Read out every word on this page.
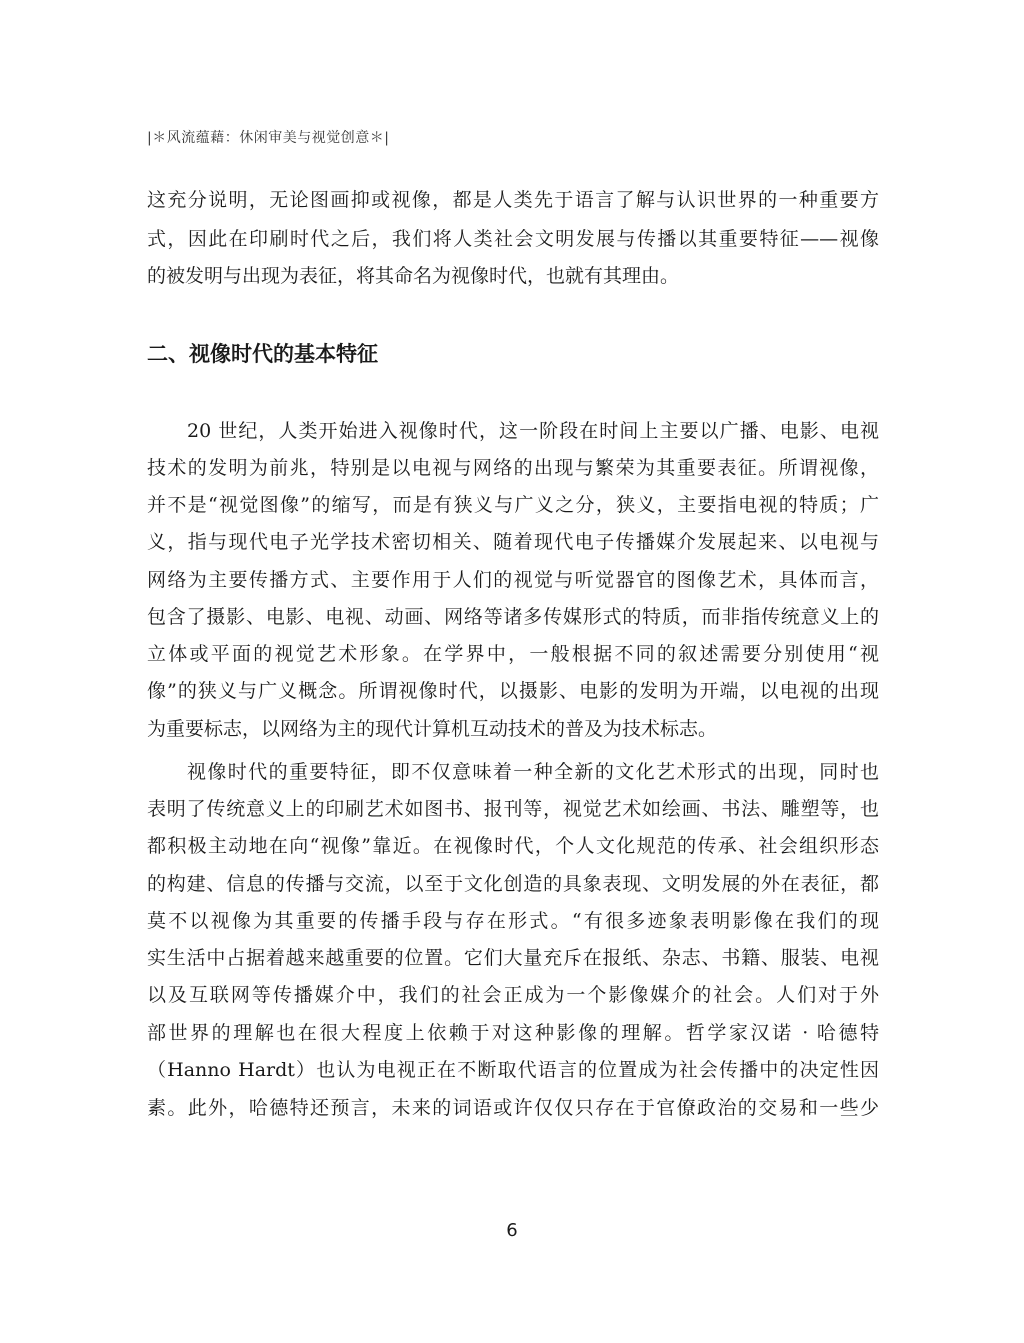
|＊风流蕴藉：休闲审美与视觉创意＊|
这充分说明，无论图画抑或视像，都是人类先于语言了解与认识世界的一种重要方
式，因此在印刷时代之后，我们将人类社会文明发展与传播以其重要特征——视像
的被发明与出现为表征，将其命名为视像时代，也就有其理由。
二、视像时代的基本特征
20 世纪，人类开始进入视像时代，这一阶段在时间上主要以广播、电影、电视
技术的发明为前兆，特别是以电视与网络的出现与繁荣为其重要表征。所谓视像，
并不是“视觉图像”的缩写，而是有狭义与广义之分，狭义，主要指电视的特质；广
义，指与现代电子光学技术密切相关、随着现代电子传播媒介发展起来、以电视与
网络为主要传播方式、主要作用于人们的视觉与听觉器官的图像艺术，具体而言，
包含了摄影、电影、电视、动画、网络等诸多传媒形式的特质，而非指传统意义上的
立体或平面的视觉艺术形象。在学界中，一般根据不同的叙述需要分别使用“视
像”的狭义与广义概念。所谓视像时代，以摄影、电影的发明为开端，以电视的出现
为重要标志，以网络为主的现代计算机互动技术的普及为技术标志。
视像时代的重要特征，即不仅意味着一种全新的文化艺术形式的出现，同时也
表明了传统意义上的印刷艺术如图书、报刊等，视觉艺术如绘画、书法、雕塑等，也
都积极主动地在向“视像”靠近。在视像时代，个人文化规范的传承、社会组织形态
的构建、信息的传播与交流，以至于文化创造的具象表现、文明发展的外在表征，都
莫不以视像为其重要的传播手段与存在形式。“有很多迹象表明影像在我们的现
实生活中占据着越来越重要的位置。它们大量充斥在报纸、杂志、书籍、服装、电视
以及互联网等传播媒介中，我们的社会正成为一个影像媒介的社会。人们对于外
部世界的理解也在很大程度上依赖于对这种影像的理解。哲学家汉诺 · 哈德特
（Hanno Hardt）也认为电视正在不断取代语言的位置成为社会传播中的决定性因
素。此外，哈德特还预言，未来的词语或许仅仅只存在于官僚政治的交易和一些少
6
